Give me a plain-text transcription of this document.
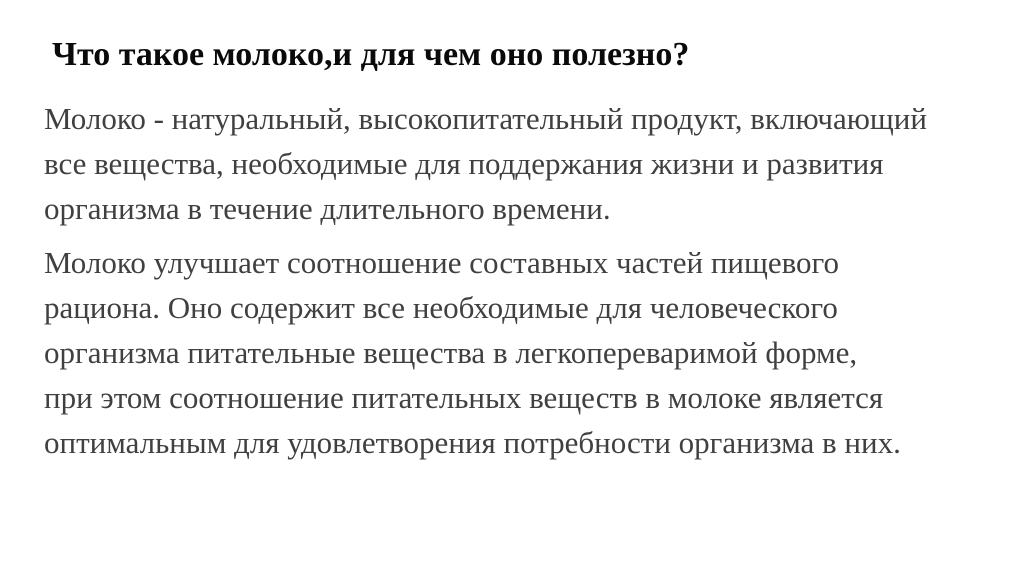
Что такое молоко,и для чем оно полезно?

Молоко - натуральный, высокопитательный продукт, включающий
все вещества, необходимые для поддержания жизни и развития
организма в течение длительного времени.

Молоко улучшает соотношение составных частей пищевого
рациона. Оно содержит все необходимые для человеческого
организма питательные вещества в легкопереваримой форме,
при этом соотношение питательных веществ в молоке является
оптимальным для удовлетворения потребности организма в них.
